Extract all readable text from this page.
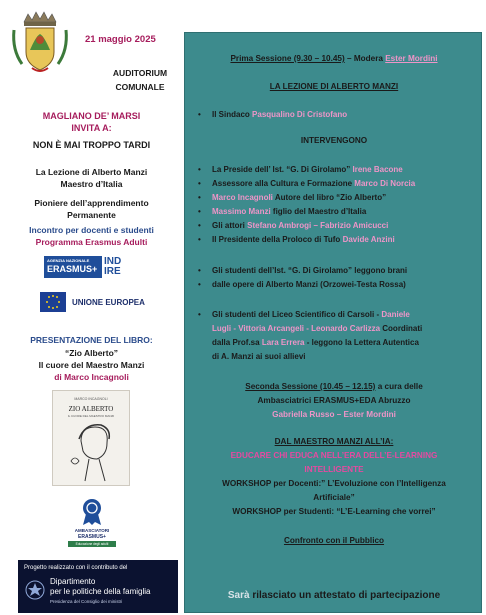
21 maggio 2025

AUDITORIUM

COMUNALE

MAGLIANO DE’ MARSI

INVITA A:

NON È MAI TROPPO TARDI

La Lezione di Alberto Manzi

Maestro d’Italia

Pioniere dell’apprendimento

Permanente

Incontro per docenti e studenti

Programma Erasmus Adulti

AGENZIA NAZIONALE
ERASMUS+
IND
IRE

UNIONE EUROPEA

PRESENTAZIONE DEL LIBRO:

“Zio Alberto”

Il cuore del Maestro Manzi

di Marco Incagnoli

MARCO INCAGNOLI
ZIO ALBERTO
IL CUORE DEL MAESTRO MANZI

AMBASCIATORI

ERASMUS+

Educazione degli adulti
Progetto realizzato con il contributo del
Dipartimento
per le politiche della famiglia
Presidenza del Consiglio dei ministri
Prima Sessione (9.30 – 10.45) – Modera Ester Mordini
LA LEZIONE DI ALBERTO MANZI
Il Sindaco Pasqualino Di Cristofano
INTERVENGONO
La Preside dell’ Ist. “G. Di Girolamo” Irene Bacone
Assessore alla Cultura e Formazione Marco Di Norcia
Marco Incagnoli Autore del libro “Zio Alberto”
Massimo Manzi figlio del Maestro d’Italia
Gli attori Stefano Ambrogi – Fabrizio Amicucci
Il Presidente della Proloco di Tufo Davide Anzini
Gli studenti dell’Ist. “G. Di Girolamo” leggono brani
dalle opere di Alberto Manzi (Orzowei-Testa Rossa)
Gli studenti del Liceo Scientifico di Carsoli - Daniele
Lugli - Vittoria Arcangeli - Leonardo Carlizza Coordinati
dalla Prof.sa Lara Errera - leggono la Lettera Autentica
di A. Manzi ai suoi allievi
Seconda Sessione (10.45 – 12.15) a cura delle
Ambasciatrici ERASMUS+EDA Abruzzo
Gabriella Russo – Ester Mordini
DAL MAESTRO MANZI ALL’IA:
EDUCARE CHI EDUCA NELL’ERA DELL’E-LEARNING
INTELLIGENTE
WORKSHOP per Docenti:” L’Evoluzione con l’Intelligenza
Artificiale”
WORKSHOP per Studenti: “L’E-Learning che vorrei”
Confronto con il Pubblico
Sarà rilasciato un attestato di partecipazione
